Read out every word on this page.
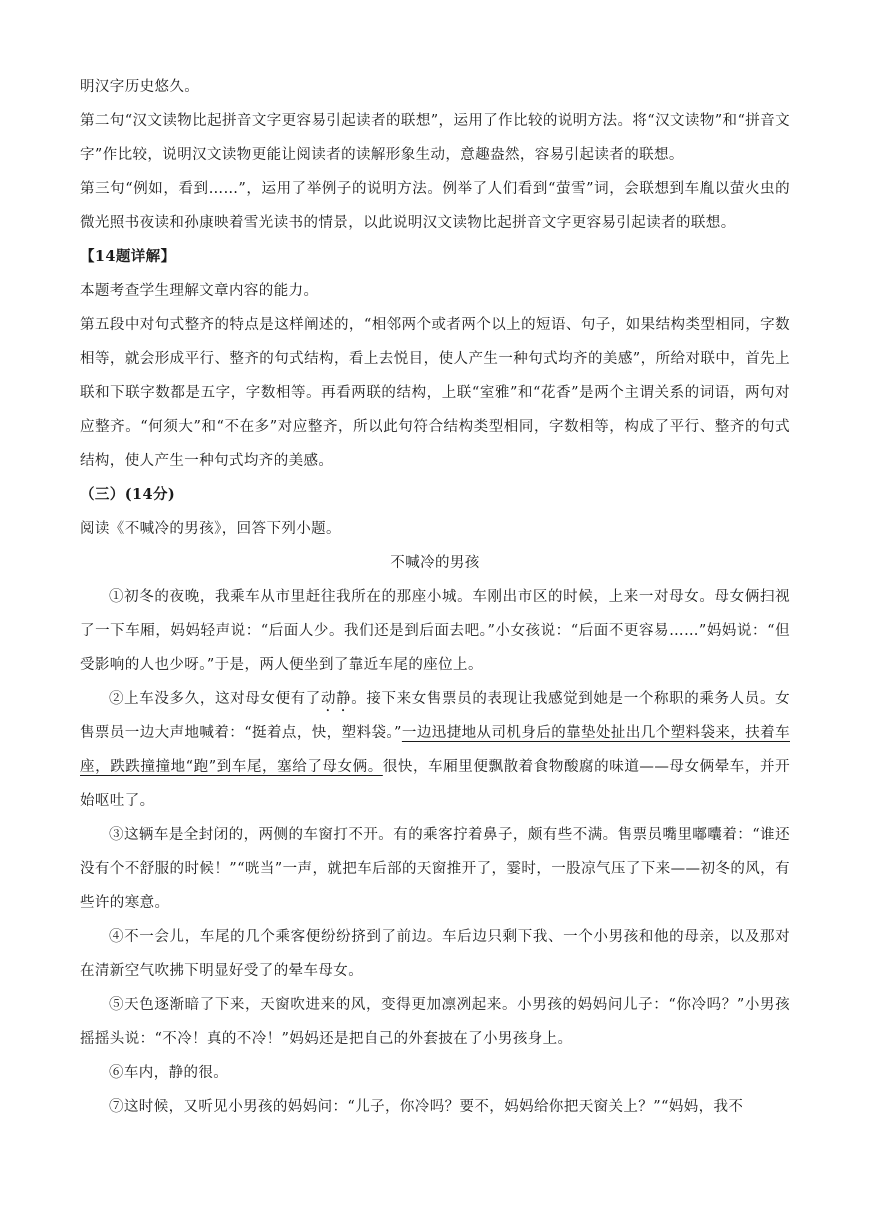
明汉字历史悠久。

第二句“汉文读物比起拼音文字更容易引起读者的联想”，运用了作比较的说明方法。将“汉文读物”和“拼音文字”作比较，说明汉文读物更能让阅读者的读解形象生动，意趣盎然，容易引起读者的联想。

第三句“例如，看到……”，运用了举例子的说明方法。例举了人们看到“萤雪”词，会联想到车胤以萤火虫的微光照书夜读和孙康映着雪光读书的情景，以此说明汉文读物比起拼音文字更容易引起读者的联想。

【14题详解】

本题考查学生理解文章内容的能力。

第五段中对句式整齐的特点是这样阐述的，“相邻两个或者两个以上的短语、句子，如果结构类型相同，字数相等，就会形成平行、整齐的句式结构，看上去悦目，使人产生一种句式均齐的美感”，所给对联中，首先上联和下联字数都是五字，字数相等。再看两联的结构，上联“室雅”和“花香”是两个主谓关系的词语，两句对应整齐。“何须大”和“不在多”对应整齐，所以此句符合结构类型相同，字数相等，构成了平行、整齐的句式结构，使人产生一种句式均齐的美感。

（三）(14分)

阅读《不喊冷的男孩》，回答下列小题。

不喊冷的男孩

①初冬的夜晚，我乘车从市里赶往我所在的那座小城。车刚出市区的时候，上来一对母女。母女俩扫视了一下车厢，妈妈轻声说：“后面人少。我们还是到后面去吧。”小女孩说：“后面不更容易……”妈妈说：“但受影响的人也少呀。”于是，两人便坐到了靠近车尾的座位上。

②上车没多久，这对母女便有了动静。接下来女售票员的表现让我感觉到她是一个称职的乘务人员。女售票员一边大声地喊着：“挺着点，快，塑料袋。”一边迅捷地从司机身后的靠垫处扯出几个塑料袋来，扶着车座，跌跌撞撞地“跑”到车尾，塞给了母女俩。很快，车厢里便飘散着食物酸腐的味道——母女俩晕车，并开始呕吐了。

③这辆车是全封闭的，两侧的车窗打不开。有的乘客拧着鼻子，颇有些不满。售票员嘴里嘟囔着：“谁还没有个不舒服的时候！”“咣当”一声，就把车后部的天窗推开了，霎时，一股凉气压了下来——初冬的风，有些许的寒意。

④不一会儿，车尾的几个乘客便纷纷挤到了前边。车后边只剩下我、一个小男孩和他的母亲，以及那对在清新空气吹拂下明显好受了的晕车母女。

⑤天色逐渐暗了下来，天窗吹进来的风，变得更加凛冽起来。小男孩的妈妈问儿子：“你冷吗？”小男孩摇摇头说：“不冷！真的不冷！”妈妈还是把自己的外套披在了小男孩身上。

⑥车内，静的很。

⑦这时候，又听见小男孩的妈妈问：“儿子，你冷吗？要不，妈妈给你把天窗关上？”“妈妈，我不
